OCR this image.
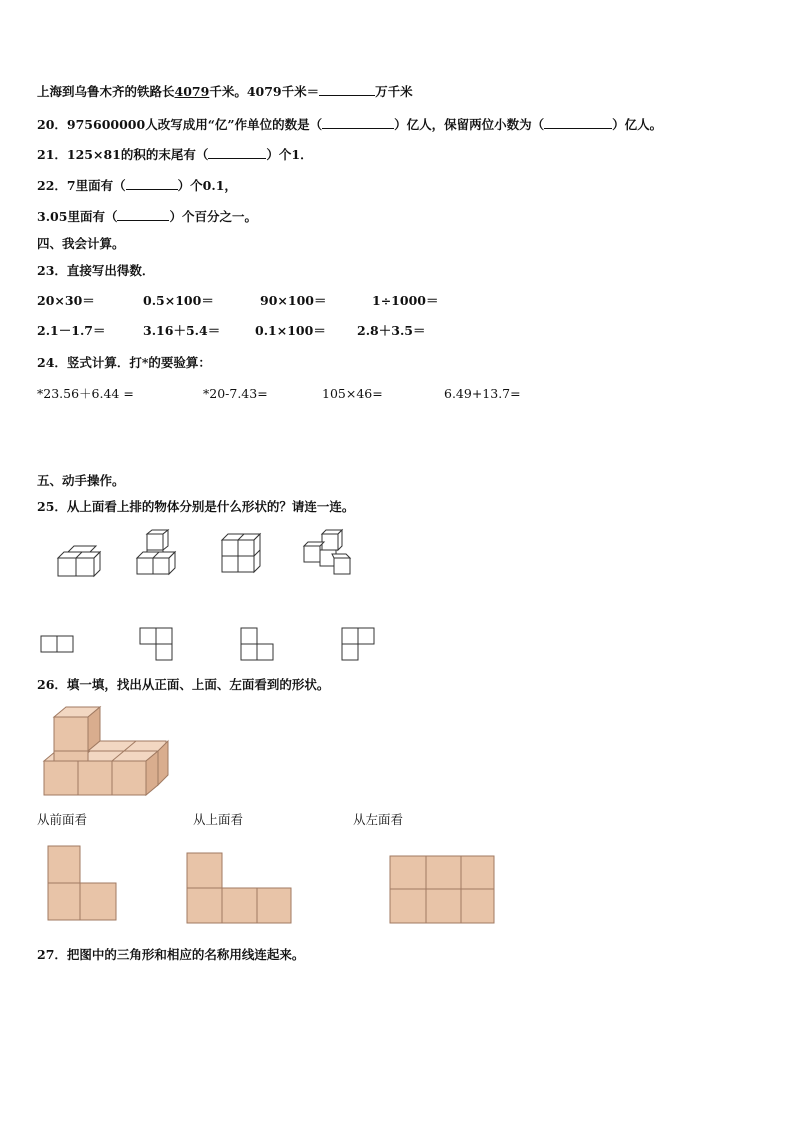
上海到乌鲁木齐的铁路长4079千米。4079千米＝	万千米
20．975600000人改写成用“亿”作单位的数是（	）亿人，保留两位小数为（	）亿人。
21．125×81的积的末尾有（	）个1．
22．7里面有（	）个0.1，
3.05里面有（	）个百分之一。
四、我会计算。
23．直接写出得数．
20×30＝	0.5×100＝	90×100＝	1÷1000＝
2.1－1.7＝	3.16＋5.4＝	0.1×100＝ 2.8＋3.5＝
24．竖式计算．打*的要验算：
*23.56＋6.44 =	*20-7.43=	105×46=	6.49+13.7=
五、动手操作。
25．从上面看上排的物体分别是什么形状的？请连一连。
26．填一填，找出从正面、上面、左面看到的形状。
从前面看	从上面看	从左面看
27．把图中的三角形和相应的名称用线连起来。
